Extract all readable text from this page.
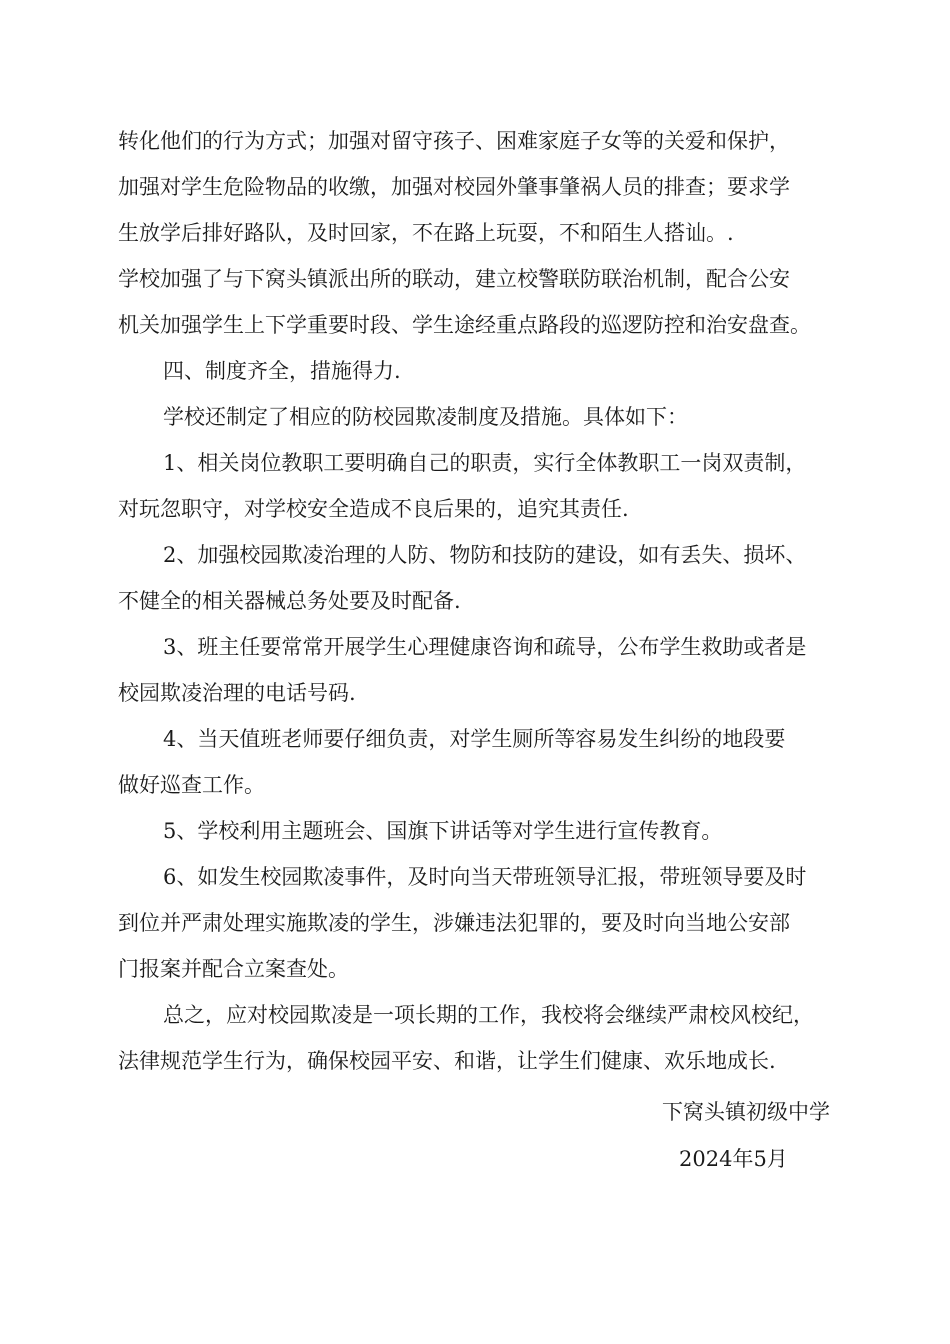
转化他们的行为方式；加强对留守孩子、困难家庭子女等的关爱和保护，
加强对学生危险物品的收缴，加强对校园外肇事肇祸人员的排查；要求学
生放学后排好路队，及时回家，不在路上玩耍，不和陌生人搭讪。.
学校加强了与下窝头镇派出所的联动，建立校警联防联治机制，配合公安
机关加强学生上下学重要时段、学生途经重点路段的巡逻防控和治安盘查。
四、制度齐全，措施得力.
学校还制定了相应的防校园欺凌制度及措施。具体如下：
1、相关岗位教职工要明确自己的职责，实行全体教职工一岗双责制，
对玩忽职守，对学校安全造成不良后果的，追究其责任.
2、加强校园欺凌治理的人防、物防和技防的建设，如有丢失、损坏、
不健全的相关器械总务处要及时配备.
3、班主任要常常开展学生心理健康咨询和疏导，公布学生救助或者是
校园欺凌治理的电话号码.
4、当天值班老师要仔细负责，对学生厕所等容易发生纠纷的地段要
做好巡查工作。
5、学校利用主题班会、国旗下讲话等对学生进行宣传教育。
6、如发生校园欺凌事件，及时向当天带班领导汇报，带班领导要及时
到位并严肃处理实施欺凌的学生，涉嫌违法犯罪的，要及时向当地公安部
门报案并配合立案查处。
总之，应对校园欺凌是一项长期的工作，我校将会继续严肃校风校纪，
法律规范学生行为，确保校园平安、和谐，让学生们健康、欢乐地成长.
下窝头镇初级中学
2024年5月
